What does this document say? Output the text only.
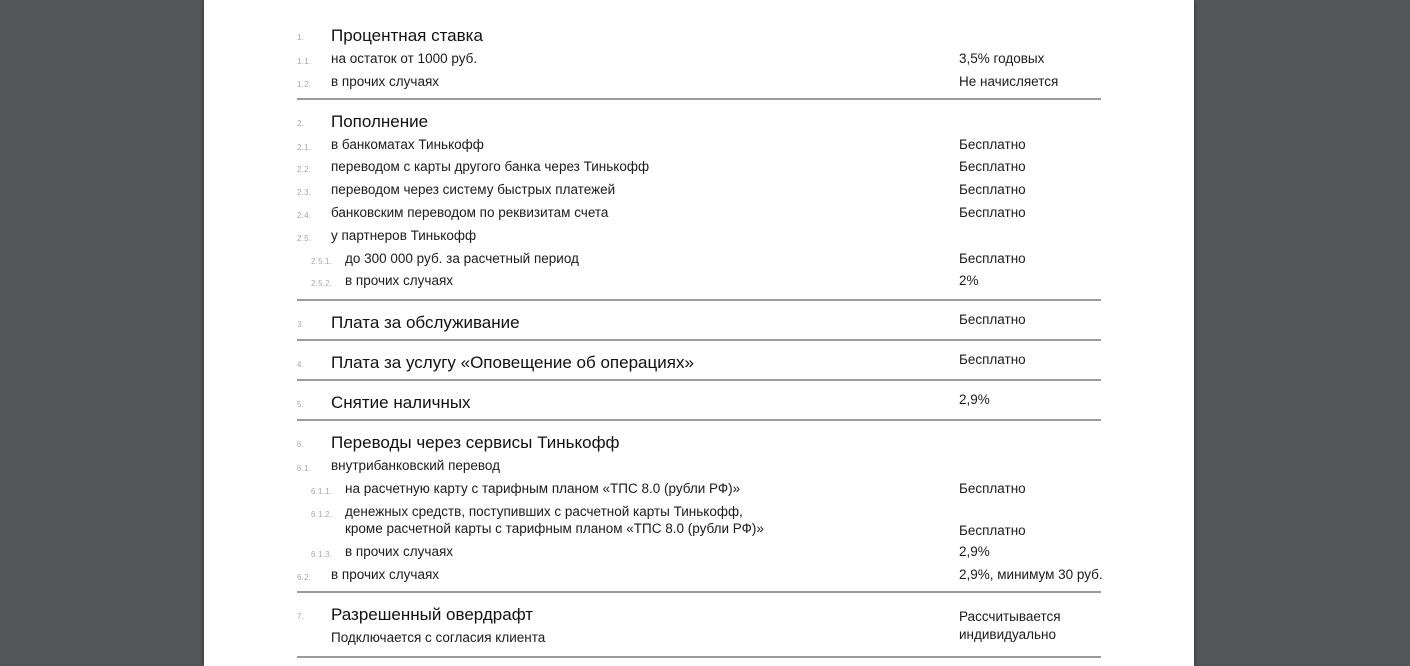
1. Процентная ставка
1.1. на остаток от 1000 руб.	3,5% годовых
1.2. в прочих случаях	Не начисляется
2. Пополнение
2.1. в банкоматах Тинькофф	Бесплатно
2.2. переводом с карты другого банка через Тинькофф	Бесплатно
2.3. переводом через систему быстрых платежей	Бесплатно
2.4. банковским переводом по реквизитам счета	Бесплатно
2.5. у партнеров Тинькофф
2.5.1. до 300 000 руб. за расчетный период	Бесплатно
2.5.2. в прочих случаях	2%
3. Плата за обслуживание	Бесплатно
4. Плата за услугу «Оповещение об операциях»	Бесплатно
5. Снятие наличных	2,9%
6. Переводы через сервисы Тинькофф
6.1. внутрибанковский перевод
6.1.1. на расчетную карту с тарифным планом «ТПС 8.0 (рубли РФ)»	Бесплатно
6.1.2. денежных средств, поступивших с расчетной карты Тинькофф,
кроме расчетной карты с тарифным планом «ТПС 8.0 (рубли РФ)»	Бесплатно
6.1.3. в прочих случаях	2,9%
6.2. в прочих случаях	2,9%, минимум 30 руб.
7. Разрешенный овердрафт	Рассчитывается
индивидуально
Подключается с согласия клиента
